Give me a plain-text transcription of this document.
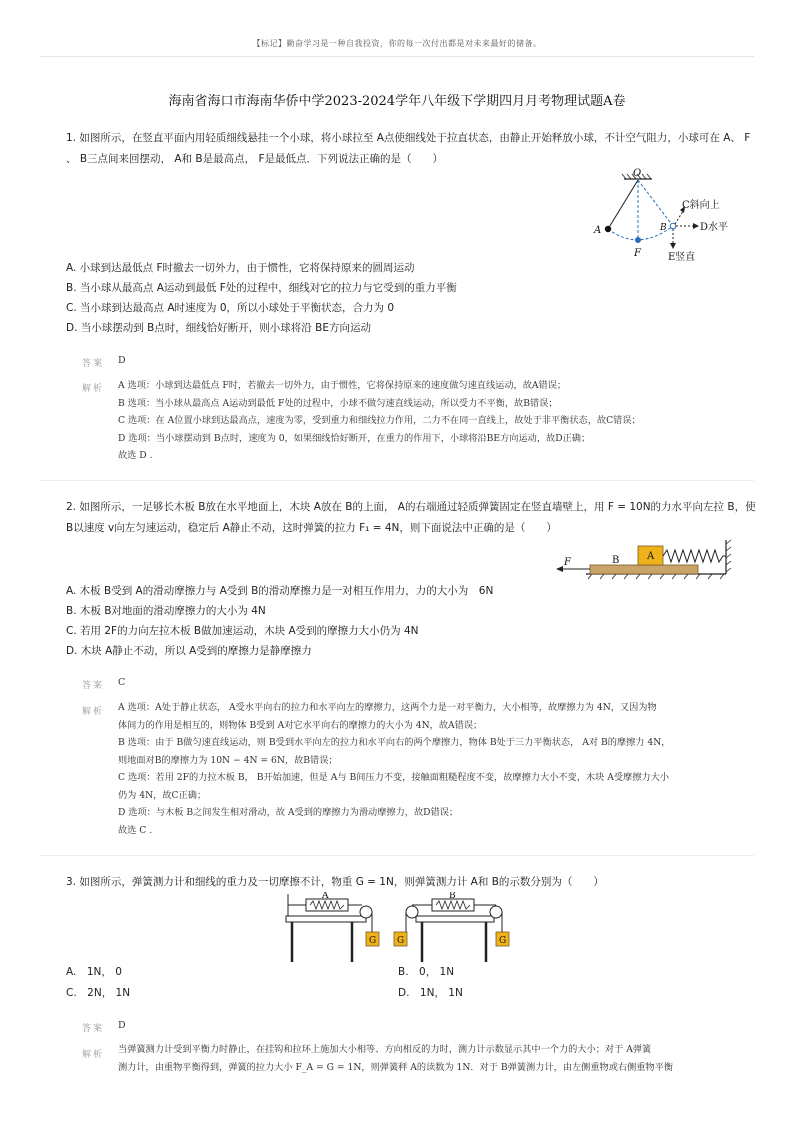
【标记】勤奋学习是一种自我投资，你的每一次付出都是对未来最好的储备。
海南省海口市海南华侨中学2023-2024学年八年级下学期四月月考物理试题A卷
1. 如图所示，在竖直平面内用轻质细线悬挂一个小球，将小球拉至 A点使细线处于拉直状态，由静止开始释放小球，不计空气阻力，小球可在 A、 F
、 B三点间来回摆动， A和 B是最高点， F是最低点．下列说法正确的是（　　）
O
A
F
B
C斜向上
D水平
E竖直
A. 小球到达最低点 F时撤去一切外力，由于惯性，它将保持原来的圆周运动
B. 当小球从最高点 A运动到最低 F处的过程中，细线对它的拉力与它受到的重力平衡
C. 当小球到达最高点 A时速度为 0，所以小球处于平衡状态，合力为 0
D. 当小球摆动到 B点时，细线恰好断开，则小球将沿 BE方向运动
答案 D
解析 A 选项：小球到达最低点 F时，若撤去一切外力，由于惯性，它将保持原来的速度做匀速直线运动，故A错误；
B 选项：当小球从最高点 A运动到最低 F处的过程中，小球不做匀速直线运动，所以受力不平衡，故B错误；
C 选项：在 A位置小球到达最高点，速度为零，受到重力和细线拉力作用，二力不在同一直线上，故处于非平衡状态，故C错误；
D 选项：当小球摆动到 B点时，速度为 0，如果细线恰好断开，在重力的作用下，小球将沿BE方向运动，故D正确；
故选 D .
2. 如图所示，一足够长木板 B放在水平地面上，木块 A放在 B的上面， A的右端通过轻质弹簧固定在竖直墙壁上，用 F = 10N的力水平向左拉 B，使
B以速度 v向左匀速运动，稳定后 A静止不动，这时弹簧的拉力 F₁ = 4N，则下面说法中正确的是（　　）
A
B
F
A. 木板 B受到 A的滑动摩擦力与 A受到 B的滑动摩擦力是一对相互作用力，力的大小为　6N
B. 木板 B对地面的滑动摩擦力的大小为 4N
C. 若用 2F的力向左拉木板 B做加速运动，木块 A受到的摩擦力大小仍为 4N
D. 木块 A静止不动，所以 A受到的摩擦力是静摩擦力
答案 C
解析 A 选项：A处于静止状态， A受水平向右的拉力和水平向左的摩擦力，这两个力是一对平衡力，大小相等，故摩擦力为 4N，又因为物
体间力的作用是相互的，则物体 B受到 A对它水平向右的摩擦力的大小为 4N，故A错误；
B 选项：由于 B做匀速直线运动，则 B受到水平向左的拉力和水平向右的两个摩擦力，物体 B处于三力平衡状态， A对 B的摩擦力 4N，
则地面对B的摩擦力为 10N − 4N = 6N，故B错误；
C 选项：若用 2F的力拉木板 B， B开始加速，但是 A与 B间压力不变，接触面粗糙程度不变，故摩擦力大小不变，木块 A受摩擦力大小
仍为 4N，故C正确；
D 选项：与木板 B之间发生相对滑动，故 A受到的摩擦力为滑动摩擦力，故D错误；
故选 C .
3. 如图所示，弹簧测力计和细线的重力及一切摩擦不计，物重 G = 1N，则弹簧测力计 A和 B的示数分别为（　　）
A
G G	G
B
A.　1N， 0	B.　0， 1N
C.　2N， 1N	D.　1N， 1N
答案 D
解析 当弹簧测力计受到平衡力时静止，在挂钩和拉环上施加大小相等、方向相反的力时，测力计示数显示其中一个力的大小；对于 A弹簧
测力计，由重物平衡得到，弹簧的拉力大小 F_A = G = 1N，则弹簧秤 A的读数为 1N．对于 B弹簧测力计，由左侧重物或右侧重物平衡
